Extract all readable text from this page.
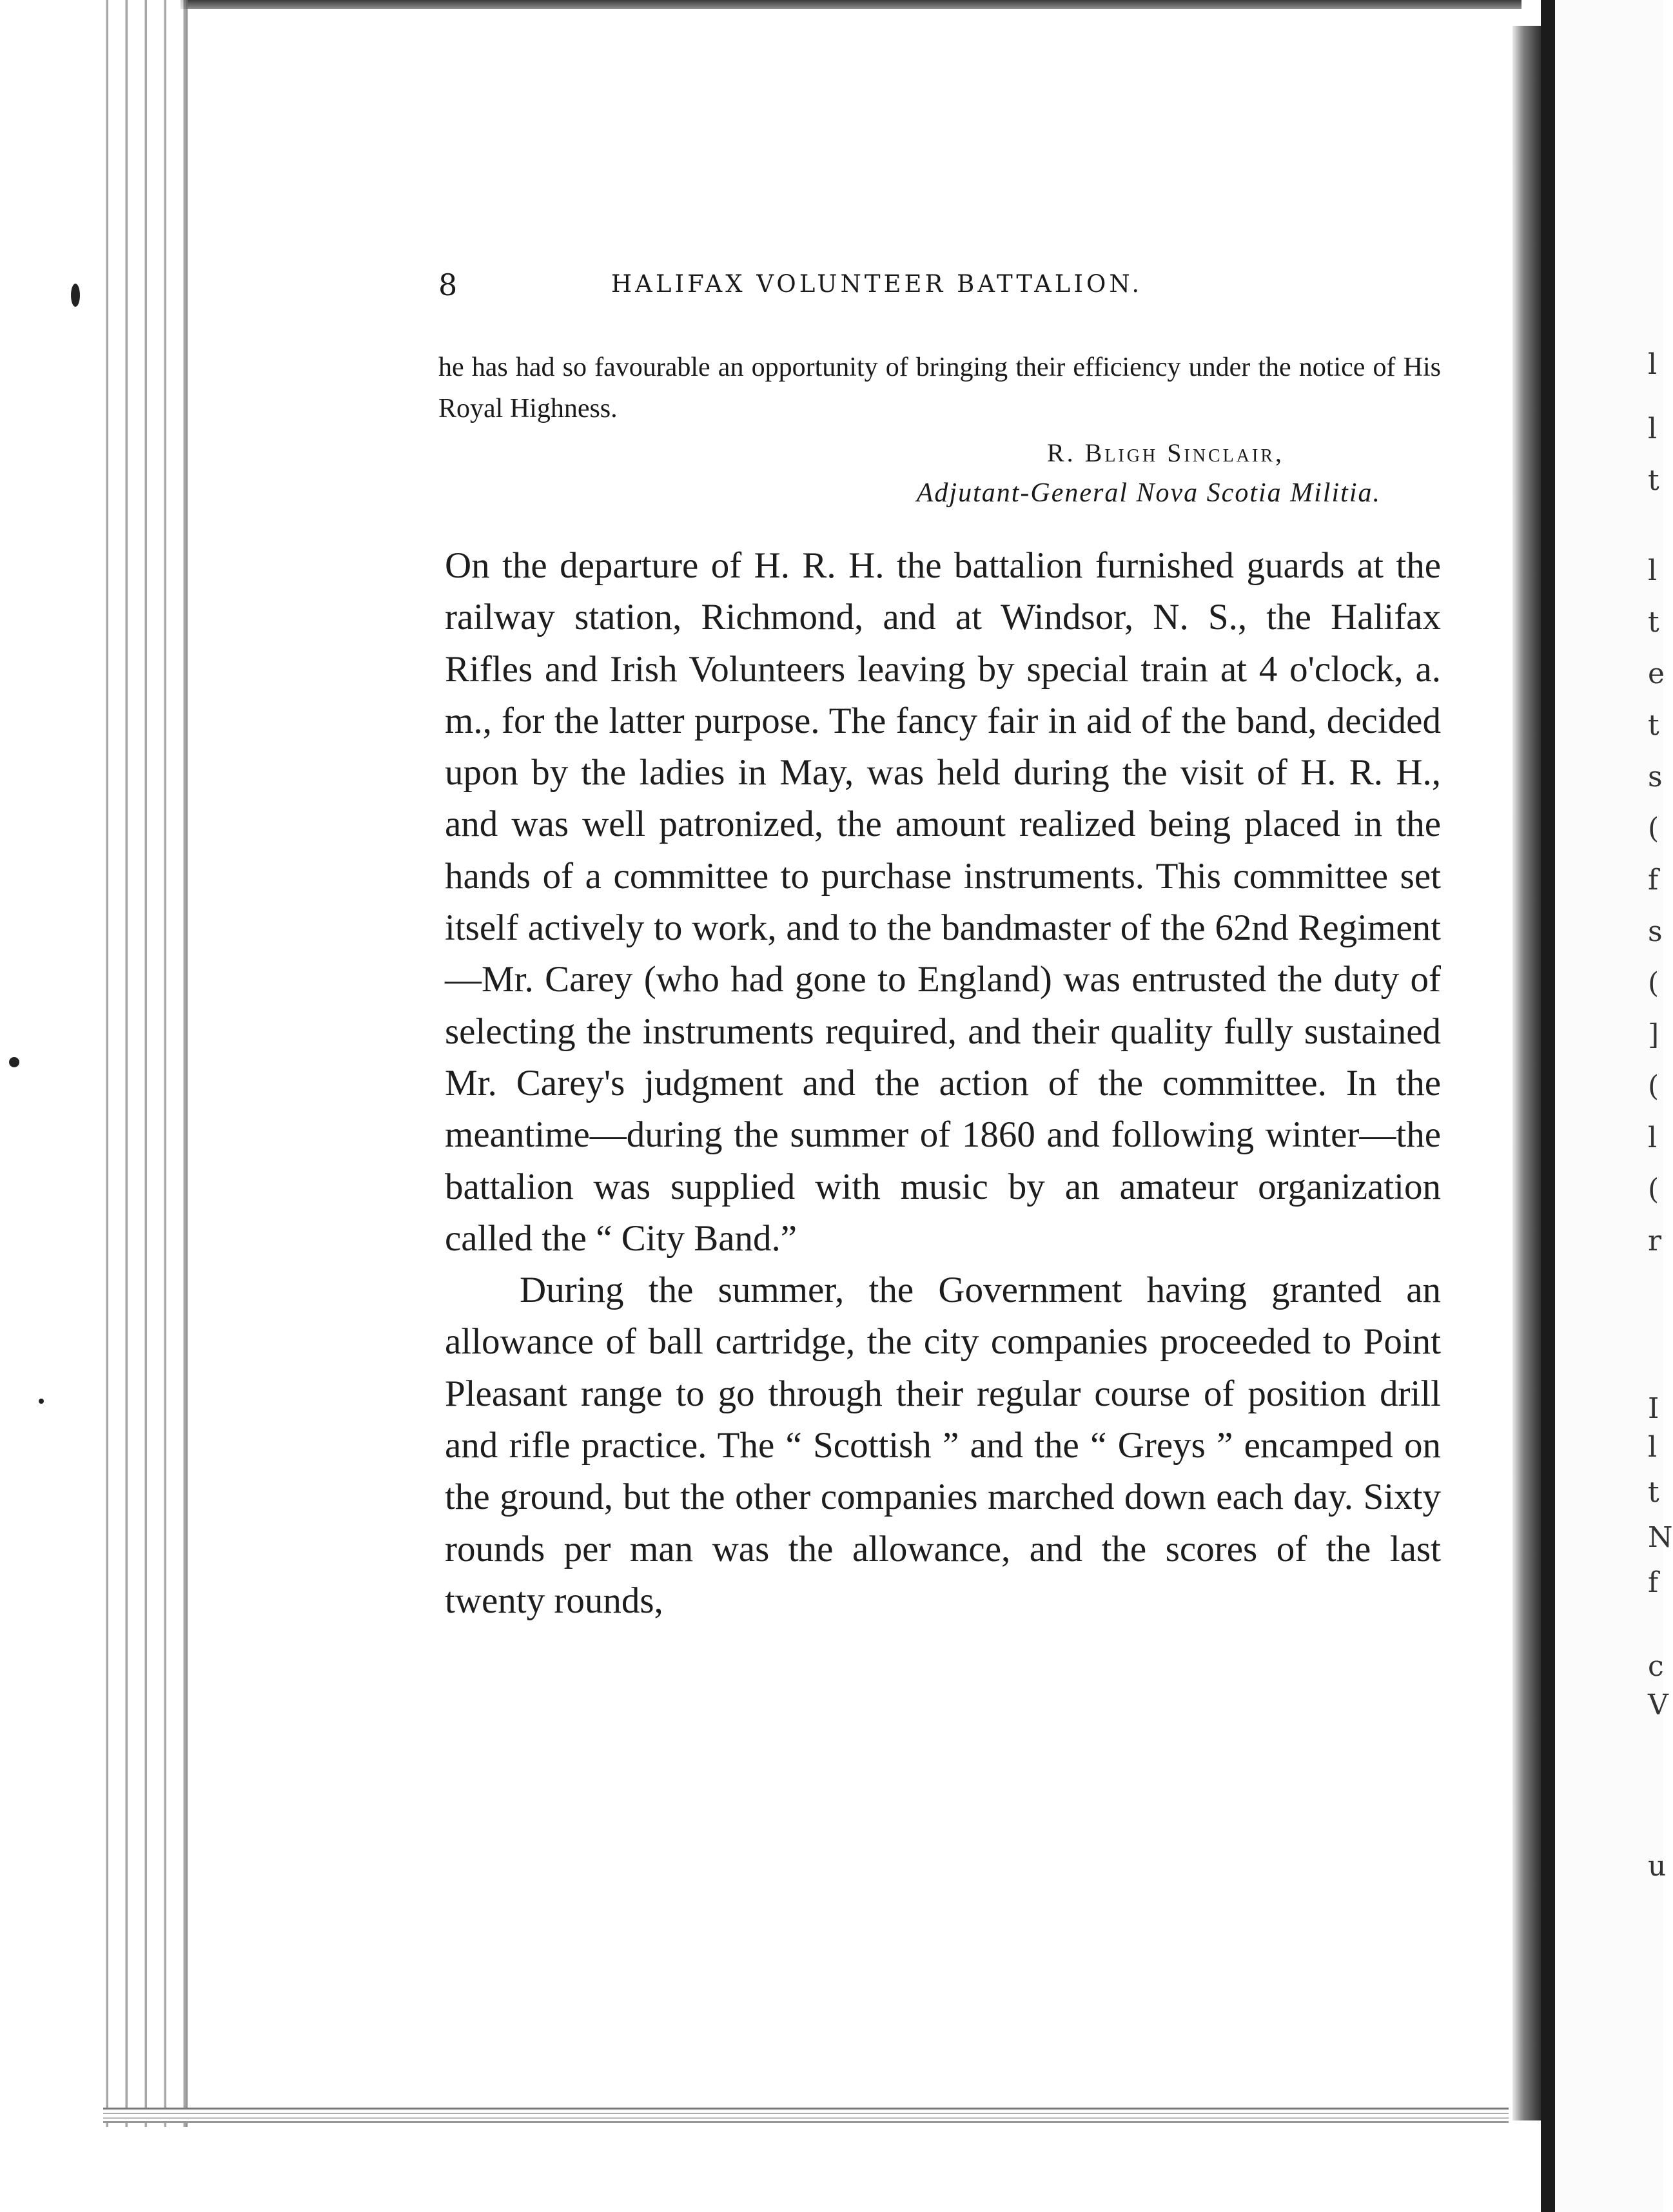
l
l
t
l
t
e
t
s
(
f
s
(
]
(
l
(
r
I
l
t
N
f
c
V
u
8	HALIFAX VOLUNTEER BATTALION.

he has had so favourable an opportunity of bringing their efficiency under the notice of His Royal Highness.

R. Bligh Sinclair,
Adjutant-General Nova Scotia Militia.

On the departure of H. R. H. the battalion furnished guards at the railway station, Richmond, and at Windsor, N. S., the Halifax Rifles and Irish Volunteers leaving by special train at 4 o'clock, a. m., for the latter purpose. The fancy fair in aid of the band, decided upon by the ladies in May, was held during the visit of H. R. H., and was well patronized, the amount realized being placed in the hands of a committee to purchase instruments. This committee set itself actively to work, and to the bandmaster of the 62nd Regiment—Mr. Carey (who had gone to England) was entrusted the duty of selecting the instruments required, and their quality fully sustained Mr. Carey's judgment and the action of the committee. In the meantime—during the summer of 1860 and following winter—the battalion was supplied with music by an amateur organization called the “ City Band.”

During the summer, the Government having granted an allowance of ball cartridge, the city companies proceeded to Point Pleasant range to go through their regular course of position drill and rifle practice. The “ Scottish ” and the “ Greys ” encamped on the ground, but the other companies marched down each day. Sixty rounds per man was the allowance, and the scores of the last twenty rounds,
